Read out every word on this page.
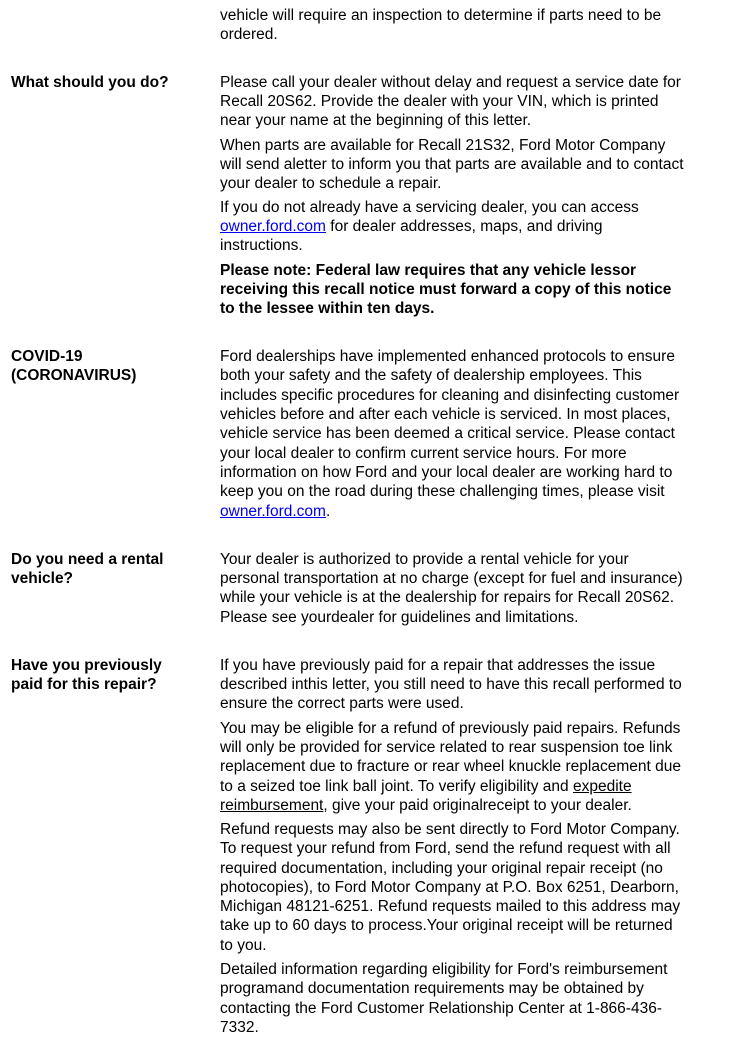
vehicle will require an inspection to determine if parts need to be
ordered.
What should you do?	Please call your dealer without delay and request a service date for
Recall 20S62. Provide the dealer with your VIN, which is printed
near your name at the beginning of this letter.
When parts are available for Recall 21S32, Ford Motor Company
will send aletter to inform you that parts are available and to contact
your dealer to schedule a repair.
If you do not already have a servicing dealer, you can access
owner.ford.com for dealer addresses, maps, and driving
instructions.
Please note: Federal law requires that any vehicle lessor
receiving this recall notice must forward a copy of this notice
to the lessee within ten days.
COVID-19
(CORONAVIRUS)
Ford dealerships have implemented enhanced protocols to ensure
both your safety and the safety of dealership employees. This
includes specific procedures for cleaning and disinfecting customer
vehicles before and after each vehicle is serviced. In most places,
vehicle service has been deemed a critical service. Please contact
your local dealer to confirm current service hours. For more
information on how Ford and your local dealer are working hard to
keep you on the road during these challenging times, please visit
owner.ford.com.
Do you need a rental
vehicle?
Your dealer is authorized to provide a rental vehicle for your
personal transportation at no charge (except for fuel and insurance)
while your vehicle is at the dealership for repairs for Recall 20S62.
Please see yourdealer for guidelines and limitations.
Have you previously
paid for this repair?
If you have previously paid for a repair that addresses the issue
described inthis letter, you still need to have this recall performed to
ensure the correct parts were used.
You may be eligible for a refund of previously paid repairs. Refunds
will only be provided for service related to rear suspension toe link
replacement due to fracture or rear wheel knuckle replacement due
to a seized toe link ball joint. To verify eligibility and expedite
reimbursement, give your paid originalreceipt to your dealer.
Refund requests may also be sent directly to Ford Motor Company.
To request your refund from Ford, send the refund request with all
required documentation, including your original repair receipt (no
photocopies), to Ford Motor Company at P.O. Box 6251, Dearborn,
Michigan 48121-6251. Refund requests mailed to this address may
take up to 60 days to process.Your original receipt will be returned
to you.
Detailed information regarding eligibility for Ford's reimbursement
programand documentation requirements may be obtained by
contacting the Ford Customer Relationship Center at 1-866-436-
7332.
